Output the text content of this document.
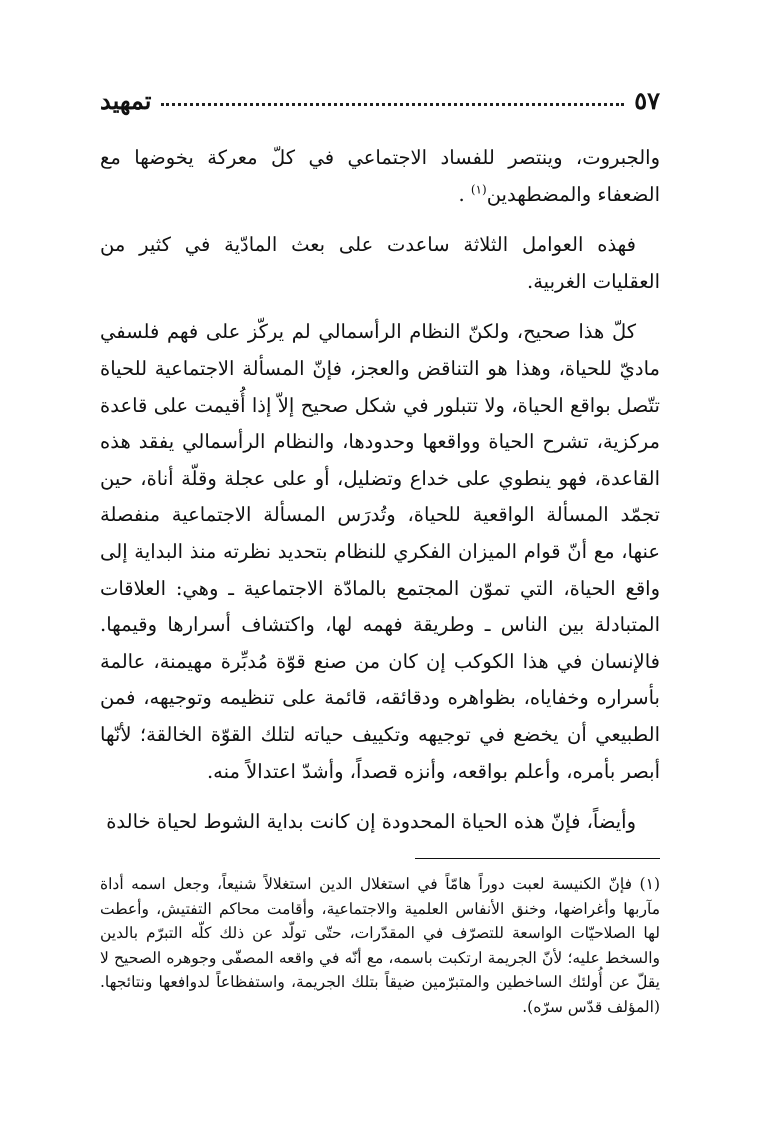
تمهيد	٥٧

والجبروت، وينتصر للفساد الاجتماعي في كلّ معركة يخوضها مع الضعفاء والمضطهدين$^{(١)}$ .

فهذه العوامل الثلاثة ساعدت على بعث المادّية في كثير من العقليات الغربية.

كلّ هذا صحيح، ولكنّ النظام الرأسمالي لم يركّز على فهم فلسفي ماديّ للحياة، وهذا هو التناقض والعجز، فإنّ المسألة الاجتماعية للحياة تتّصل بواقع الحياة، ولا تتبلور في شكل صحيح إلاّ إذا أُقيمت على قاعدة مركزية، تشرح الحياة وواقعها وحدودها، والنظام الرأسمالي يفقد هذه القاعدة، فهو ينطوي على خداع وتضليل، أو على عجلة وقلّة أناة، حين تجمّد المسألة الواقعية للحياة، وتُدرَس المسألة الاجتماعية منفصلة عنها، مع أنّ قوام الميزان الفكري للنظام بتحديد نظرته منذ البداية إلى واقع الحياة، التي تموّن المجتمع بالمادّة الاجتماعية ـ وهي: العلاقات المتبادلة بين الناس ـ وطريقة فهمه لها، واكتشاف أسرارها وقيمها. فالإنسان في هذا الكوكب إن كان من صنع قوّة مُدبِّرة مهيمنة، عالمة بأسراره وخفاياه، بظواهره ودقائقه، قائمة على تنظيمه وتوجيهه، فمن الطبيعي أن يخضع في توجيهه وتكييف حياته لتلك القوّة الخالقة؛ لأنّها أبصر بأمره، وأعلم بواقعه، وأنزه قصداً، وأشدّ اعتدالاً منه.

وأيضاً، فإنّ هذه الحياة المحدودة إن كانت بداية الشوط لحياة خالدة

(١) فإنّ الكنيسة لعبت دوراً هامّاً في استغلال الدين استغلالاً شنيعاً، وجعل اسمه أداة مآربها وأغراضها، وخنق الأنفاس العلمية والاجتماعية، وأقامت محاكم التفتيش، وأعطت لها الصلاحيّات الواسعة للتصرّف في المقدّرات، حتّى تولّد عن ذلك كلّه التبرّم بالدين والسخط عليه؛ لأنّ الجريمة ارتكبت باسمه، مع أنّه في واقعه المصفّى وجوهره الصحيح لا يقلّ عن أُولئك الساخطين والمتبرّمين ضيقاً بتلك الجريمة، واستفظاعاً لدوافعها ونتائجها. (المؤلف قدّس سرّه).
